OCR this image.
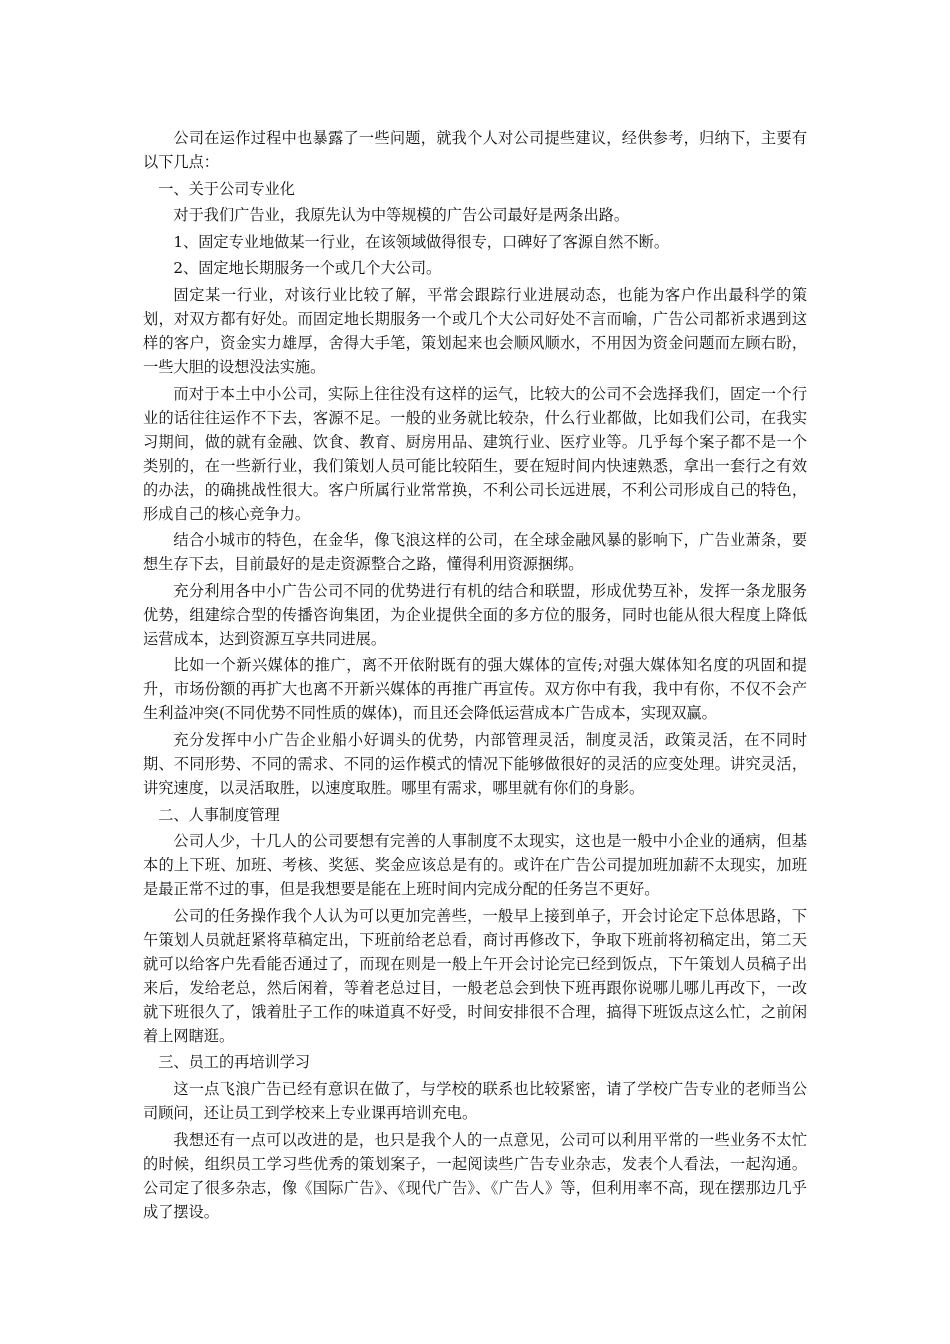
公司在运作过程中也暴露了一些问题，就我个人对公司提些建议，经供参考，归纳下，主要有以下几点：

一、关于公司专业化

对于我们广告业，我原先认为中等规模的广告公司最好是两条出路。

1、固定专业地做某一行业，在该领域做得很专，口碑好了客源自然不断。

2、固定地长期服务一个或几个大公司。

固定某一行业，对该行业比较了解，平常会跟踪行业进展动态，也能为客户作出最科学的策划，对双方都有好处。而固定地长期服务一个或几个大公司好处不言而喻，广告公司都祈求遇到这样的客户，资金实力雄厚，舍得大手笔，策划起来也会顺风顺水，不用因为资金问题而左顾右盼，一些大胆的设想没法实施。

而对于本土中小公司，实际上往往没有这样的运气，比较大的公司不会选择我们，固定一个行业的话往往运作不下去，客源不足。一般的业务就比较杂，什么行业都做，比如我们公司，在我实习期间，做的就有金融、饮食、教育、厨房用品、建筑行业、医疗业等。几乎每个案子都不是一个类别的，在一些新行业，我们策划人员可能比较陌生，要在短时间内快速熟悉，拿出一套行之有效的办法，的确挑战性很大。客户所属行业常常换，不利公司长远进展，不利公司形成自己的特色，形成自己的核心竞争力。

结合小城市的特色，在金华，像飞浪这样的公司，在全球金融风暴的影响下，广告业萧条，要想生存下去，目前最好的是走资源整合之路，懂得利用资源捆绑。

充分利用各中小广告公司不同的优势进行有机的结合和联盟，形成优势互补，发挥一条龙服务优势，组建综合型的传播咨询集团，为企业提供全面的多方位的服务，同时也能从很大程度上降低运营成本，达到资源互享共同进展。

比如一个新兴媒体的推广，离不开依附既有的强大媒体的宣传;对强大媒体知名度的巩固和提升，市场份额的再扩大也离不开新兴媒体的再推广再宣传。双方你中有我，我中有你，不仅不会产生利益冲突(不同优势不同性质的媒体)，而且还会降低运营成本广告成本，实现双赢。

充分发挥中小广告企业船小好调头的优势，内部管理灵活，制度灵活，政策灵活，在不同时期、不同形势、不同的需求、不同的运作模式的情况下能够做很好的灵活的应变处理。讲究灵活，讲究速度，以灵活取胜，以速度取胜。哪里有需求，哪里就有你们的身影。

二、人事制度管理

公司人少，十几人的公司要想有完善的人事制度不太现实，这也是一般中小企业的通病，但基本的上下班、加班、考核、奖惩、奖金应该总是有的。或许在广告公司提加班加薪不太现实，加班是最正常不过的事，但是我想要是能在上班时间内完成分配的任务岂不更好。

公司的任务操作我个人认为可以更加完善些，一般早上接到单子，开会讨论定下总体思路，下午策划人员就赶紧将草稿定出，下班前给老总看，商讨再修改下，争取下班前将初稿定出，第二天就可以给客户先看能否通过了，而现在则是一般上午开会讨论完已经到饭点，下午策划人员稿子出来后，发给老总，然后闲着，等着老总过目，一般老总会到快下班再跟你说哪儿哪儿再改下，一改就下班很久了，饿着肚子工作的味道真不好受，时间安排很不合理，搞得下班饭点这么忙，之前闲着上网瞎逛。

三、员工的再培训学习

这一点飞浪广告已经有意识在做了，与学校的联系也比较紧密，请了学校广告专业的老师当公司顾问，还让员工到学校来上专业课再培训充电。

我想还有一点可以改进的是，也只是我个人的一点意见，公司可以利用平常的一些业务不太忙的时候，组织员工学习些优秀的策划案子，一起阅读些广告专业杂志，发表个人看法，一起沟通。公司定了很多杂志，像《国际广告》、《现代广告》、《广告人》等，但利用率不高，现在摆那边几乎成了摆设。
